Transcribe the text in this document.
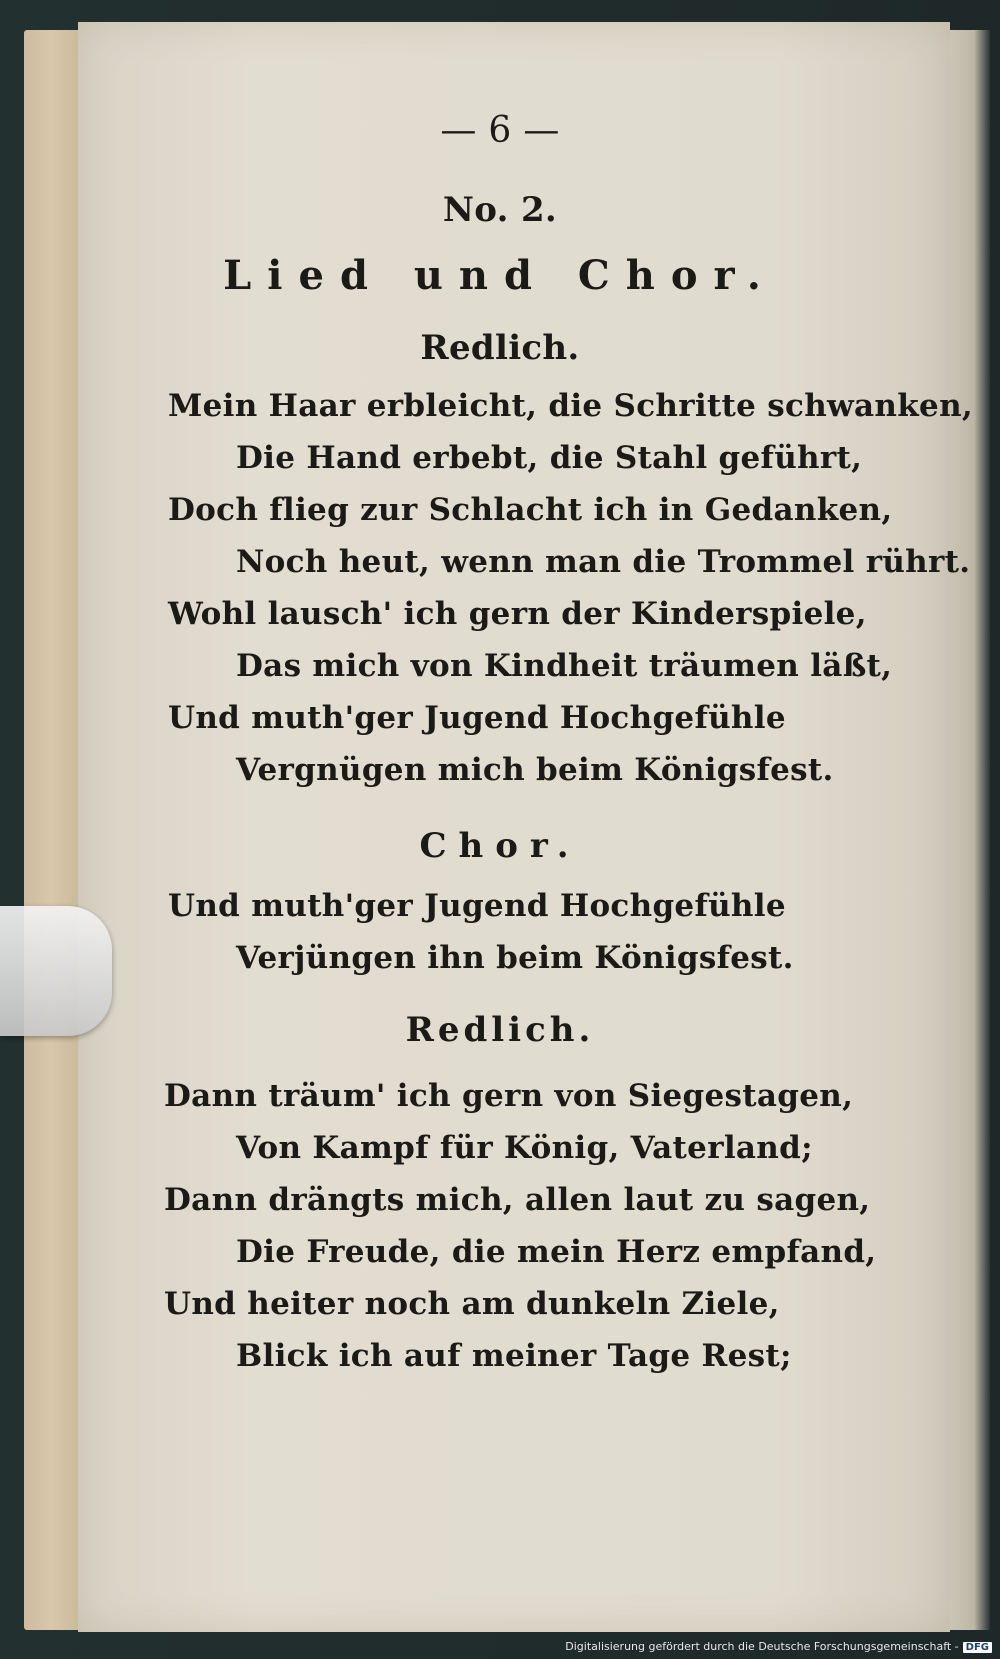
— 6 —
No. 2.
Lied und Chor.
Redlich.
Mein Haar erbleicht, die Schritte schwanken,
Die Hand erbebt, die Stahl geführt,
Doch flieg zur Schlacht ich in Gedanken,
Noch heut, wenn man die Trommel rührt.
Wohl lausch' ich gern der Kinderspiele,
Das mich von Kindheit träumen läßt,
Und muth'ger Jugend Hochgefühle
Vergnügen mich beim Königsfest.
Chor.
Und muth'ger Jugend Hochgefühle
Verjüngen ihn beim Königsfest.
Redlich.
Dann träum' ich gern von Siegestagen,
Von Kampf für König, Vaterland;
Dann drängts mich, allen laut zu sagen,
Die Freude, die mein Herz empfand,
Und heiter noch am dunkeln Ziele,
Blick ich auf meiner Tage Rest;
Digitalisierung gefördert durch die Deutsche Forschungsgemeinschaft - DFG
